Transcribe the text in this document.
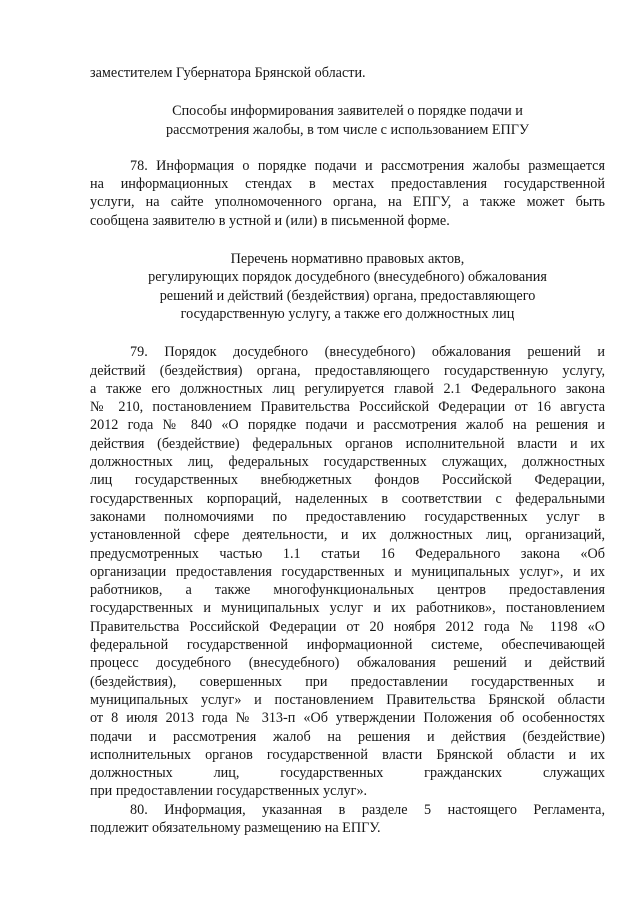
заместителем Губернатора Брянской области.
Способы информирования заявителей о порядке подачи и
рассмотрения жалобы, в том числе с использованием ЕПГУ
78. Информация о порядке подачи и рассмотрения жалобы размещается
на информационных стендах в местах предоставления государственной
услуги, на сайте уполномоченного органа, на ЕПГУ, а также может быть
сообщена заявителю в устной и (или) в письменной форме.
Перечень нормативно правовых актов,
регулирующих порядок досудебного (внесудебного) обжалования
решений и действий (бездействия) органа, предоставляющего
государственную услугу, а также его должностных лиц
79. Порядок досудебного (внесудебного) обжалования решений и
действий (бездействия) органа, предоставляющего государственную услугу,
а также его должностных лиц регулируется главой 2.1 Федерального закона
№ 210, постановлением Правительства Российской Федерации от 16 августа
2012 года № 840 «О порядке подачи и рассмотрения жалоб на решения и
действия (бездействие) федеральных органов исполнительной власти и их
должностных лиц, федеральных государственных служащих, должностных
лиц государственных внебюджетных фондов Российской Федерации,
государственных корпораций, наделенных в соответствии с федеральными
законами полномочиями по предоставлению государственных услуг в
установленной сфере деятельности, и их должностных лиц, организаций,
предусмотренных частью 1.1 статьи 16 Федерального закона «Об
организации предоставления государственных и муниципальных услуг», и их
работников, а также многофункциональных центров предоставления
государственных и муниципальных услуг и их работников», постановлением
Правительства Российской Федерации от 20 ноября 2012 года № 1198 «О
федеральной государственной информационной системе, обеспечивающей
процесс досудебного (внесудебного) обжалования решений и действий
(бездействия), совершенных при предоставлении государственных и
муниципальных услуг» и постановлением Правительства Брянской области
от 8 июля 2013 года № 313-п «Об утверждении Положения об особенностях
подачи и рассмотрения жалоб на решения и действия (бездействие)
исполнительных органов государственной власти Брянской области и их
должностных лиц, государственных гражданских служащих
при предоставлении государственных услуг».
80. Информация, указанная в разделе 5 настоящего Регламента,
подлежит обязательному размещению на ЕПГУ.
